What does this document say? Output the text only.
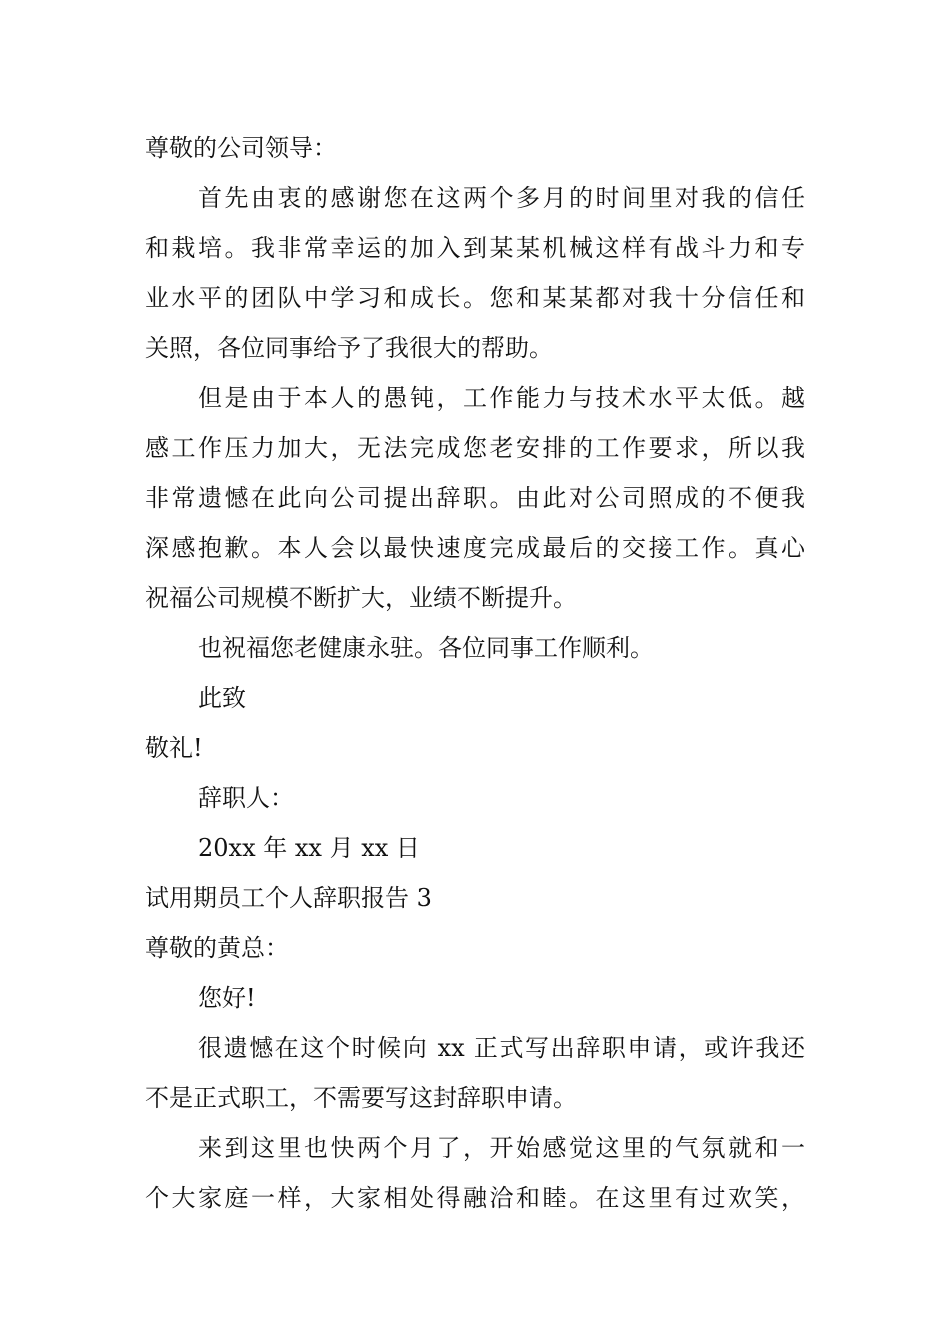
尊敬的公司领导：
首先由衷的感谢您在这两个多月的时间里对我的信任
和栽培。我非常幸运的加入到某某机械这样有战斗力和专
业水平的团队中学习和成长。您和某某都对我十分信任和
关照，各位同事给予了我很大的帮助。
但是由于本人的愚钝，工作能力与技术水平太低。越
感工作压力加大，无法完成您老安排的工作要求，所以我
非常遗憾在此向公司提出辞职。由此对公司照成的不便我
深感抱歉。本人会以最快速度完成最后的交接工作。真心
祝福公司规模不断扩大，业绩不断提升。
也祝福您老健康永驻。各位同事工作顺利。
此致
敬礼!
辞职人：
20xx 年 xx 月 xx 日
试用期员工个人辞职报告 3
尊敬的黄总：
您好!
很遗憾在这个时候向 xx 正式写出辞职申请，或许我还
不是正式职工，不需要写这封辞职申请。
来到这里也快两个月了，开始感觉这里的气氛就和一
个大家庭一样，大家相处得融洽和睦。在这里有过欢笑，
